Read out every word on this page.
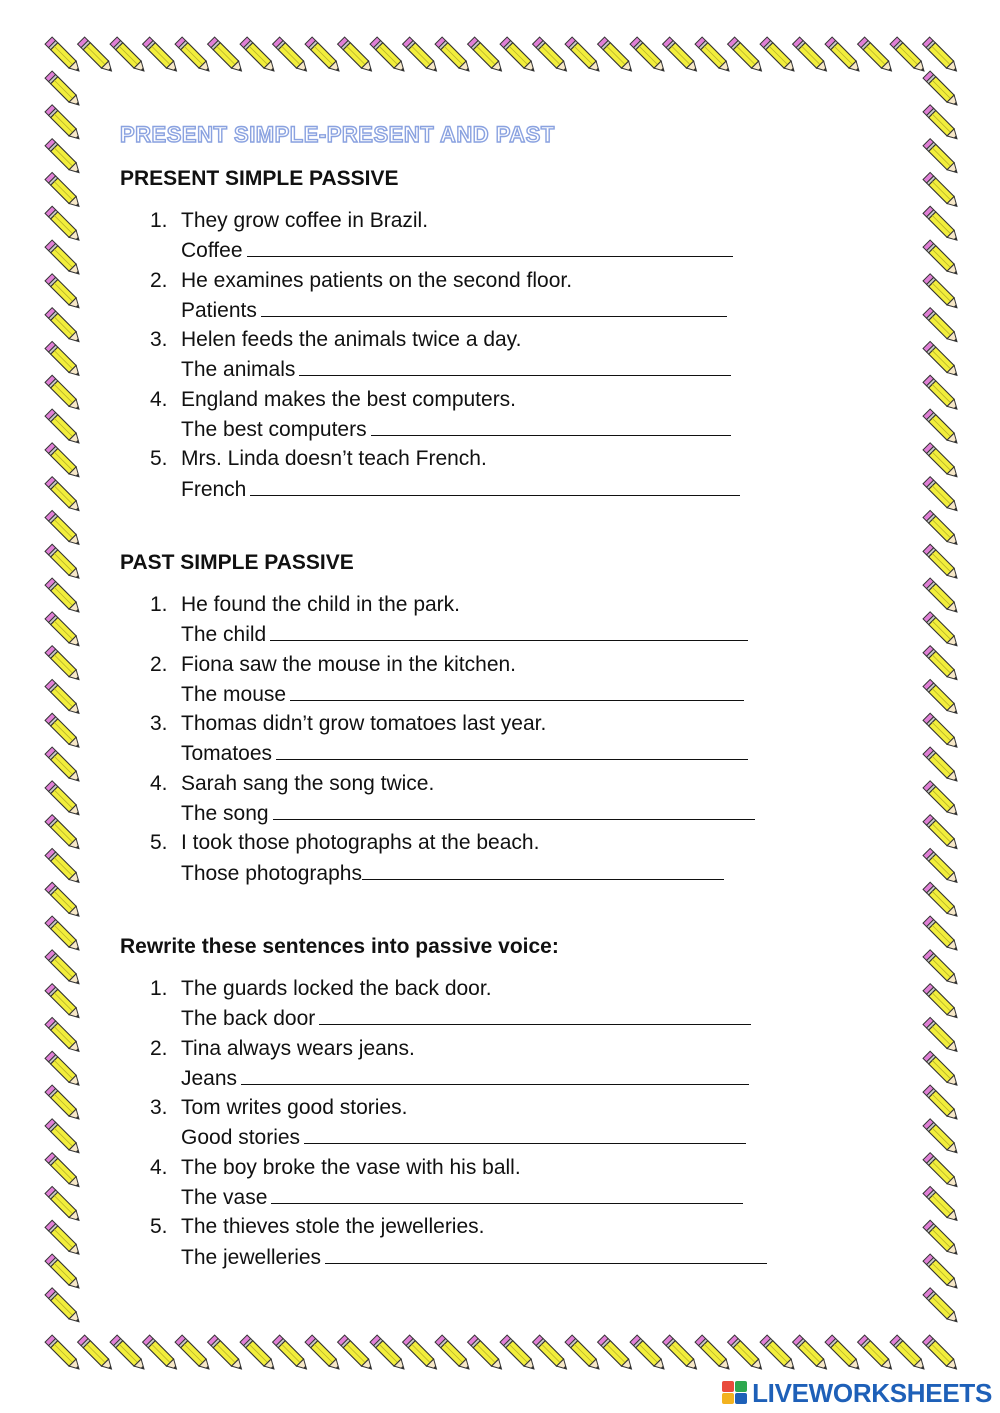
PRESENT SIMPLE-PRESENT AND PAST
PRESENT SIMPLE PASSIVE
1. They grow coffee in Brazil.
Coffee
2. He examines patients on the second floor.
Patients
3. Helen feeds the animals twice a day.
The animals
4. England makes the best computers.
The best computers
5. Mrs. Linda doesn’t teach French.
French
PAST SIMPLE PASSIVE
1. He found the child in the park.
The child
2. Fiona saw the mouse in the kitchen.
The mouse
3. Thomas didn’t grow tomatoes last year.
Tomatoes
4. Sarah sang the song twice.
The song
5. I took those photographs at the beach.
Those photographs
Rewrite these sentences into passive voice:
1. The guards locked the back door.
The back door
2. Tina always wears jeans.
Jeans
3. Tom writes good stories.
Good stories
4. The boy broke the vase with his ball.
The vase
5. The thieves stole the jewelleries.
The jewelleries
LIVEWORKSHEETS
